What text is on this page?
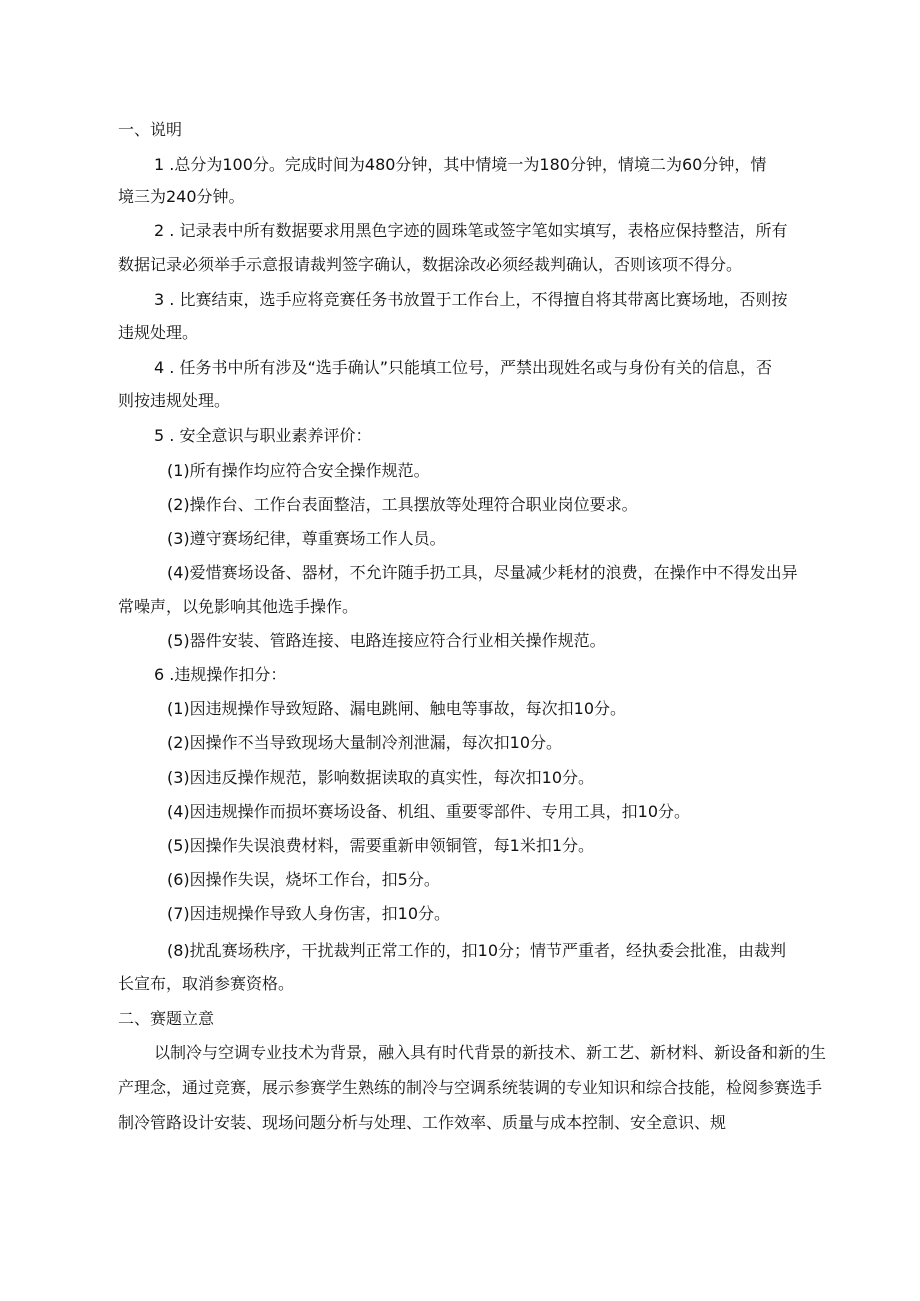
一、说明

1 .总分为100分。完成时间为480分钟，其中情境一为180分钟，情境二为60分钟，情

境三为240分钟。

2 . 记录表中所有数据要求用黑色字迹的圆珠笔或签字笔如实填写，表格应保持整洁，所有

数据记录必须举手示意报请裁判签字确认，数据涂改必须经裁判确认，否则该项不得分。

3 . 比赛结束，选手应将竞赛任务书放置于工作台上，不得擅自将其带离比赛场地，否则按

违规处理。

4 . 任务书中所有涉及“选手确认”只能填工位号，严禁出现姓名或与身份有关的信息，否

则按违规处理。

5 . 安全意识与职业素养评价：

(1)所有操作均应符合安全操作规范。

(2)操作台、工作台表面整洁，工具摆放等处理符合职业岗位要求。

(3)遵守赛场纪律，尊重赛场工作人员。

(4)爱惜赛场设备、器材，不允许随手扔工具，尽量减少耗材的浪费，在操作中不得发出异

常噪声，以免影响其他选手操作。

(5)器件安装、管路连接、电路连接应符合行业相关操作规范。

6 .违规操作扣分：

(1)因违规操作导致短路、漏电跳闸、触电等事故，每次扣10分。

(2)因操作不当导致现场大量制冷剂泄漏，每次扣10分。

(3)因违反操作规范，影响数据读取的真实性，每次扣10分。

(4)因违规操作而损坏赛场设备、机组、重要零部件、专用工具，扣10分。

(5)因操作失误浪费材料，需要重新申领铜管，每1米扣1分。

(6)因操作失误，烧坏工作台，扣5分。

(7)因违规操作导致人身伤害，扣10分。

(8)扰乱赛场秩序，干扰裁判正常工作的，扣10分；情节严重者，经执委会批准，由裁判

长宣布，取消参赛资格。

二、赛题立意

以制冷与空调专业技术为背景，融入具有时代背景的新技术、新工艺、新材料、新设备和新的生产理念，通过竞赛，展示参赛学生熟练的制冷与空调系统装调的专业知识和综合技能，检阅参赛选手制冷管路设计安装、现场问题分析与处理、工作效率、质量与成本控制、安全意识、规
